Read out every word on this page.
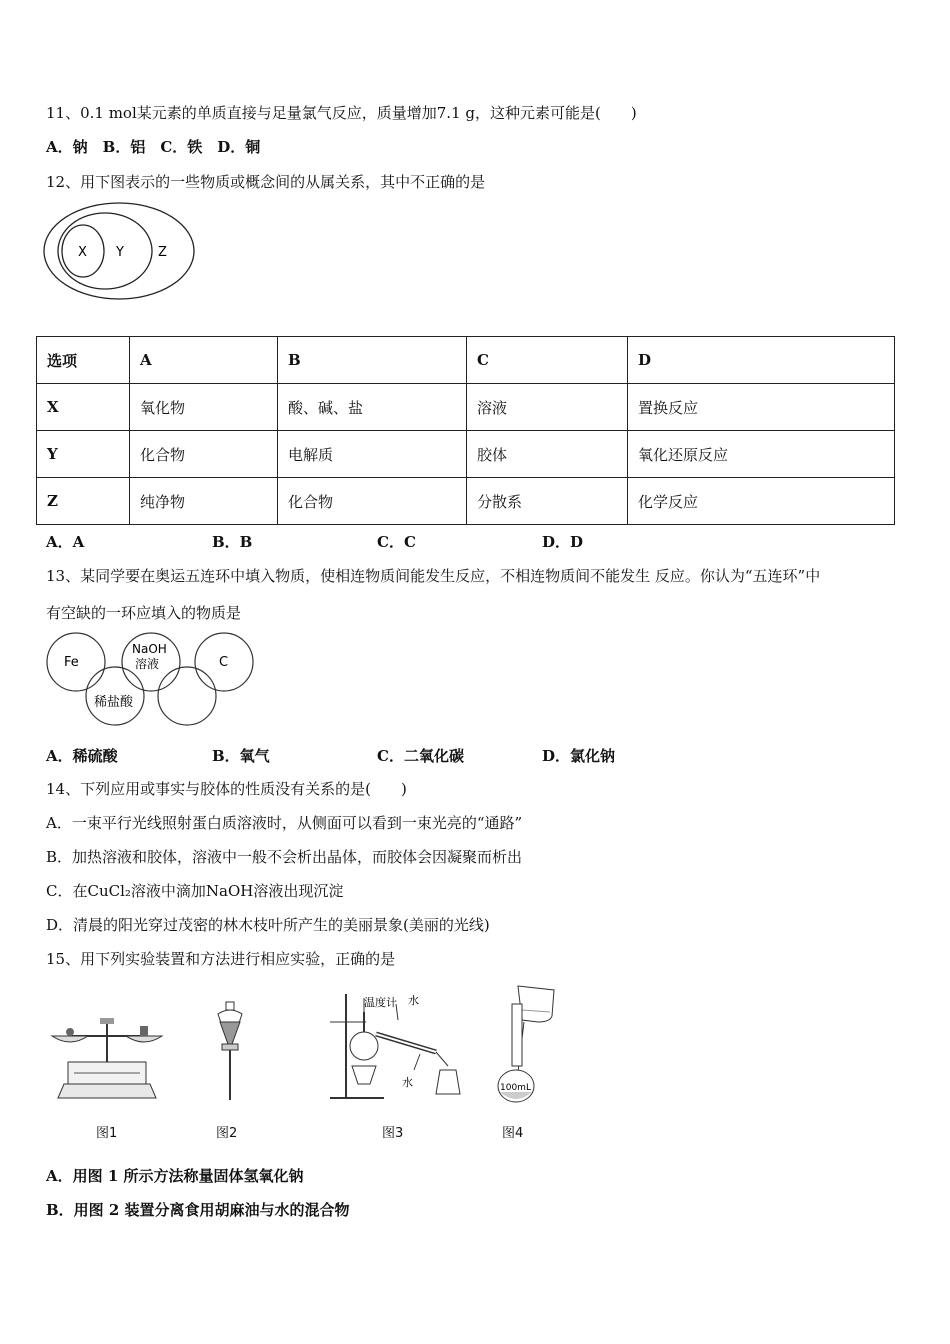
11、0.1 mol某元素的单质直接与足量氯气反应，质量增加7.1 g，这种元素可能是(　　)
A．钠　B．铝　C．铁　D．铜
12、用下图表示的一些物质或概念间的从属关系，其中不正确的是
X Y	Z
选项	A	B	C	D
X	氧化物	酸、碱、盐	溶液	置换反应
Y	化合物	电解质	胶体	氧化还原反应
Z	纯净物	化合物	分散系	化学反应
A．A	B．B	C．C	D．D
13、某同学要在奥运五连环中填入物质，使相连物质间能发生反应，不相连物质间不能发生 反应。你认为“五连环”中
有空缺的一环应填入的物质是
Fe
NaOH
溶液	C
稀盐酸
A．稀硫酸	B．氧气	C．二氧化碳	D．氯化钠
14、下列应用或事实与胶体的性质没有关系的是(　　)
A．一束平行光线照射蛋白质溶液时，从侧面可以看到一束光亮的“通路”
B．加热溶液和胶体，溶液中一般不会析出晶体，而胶体会因凝聚而析出
C．在CuCl₂溶液中滴加NaOH溶液出现沉淀
D．清晨的阳光穿过茂密的林木枝叶所产生的美丽景象(美丽的光线)
15、用下列实验装置和方法进行相应实验，正确的是
图1	图2
温度计 水
水
图3
100mL
图4
A．用图 1 所示方法称量固体氢氧化钠
B．用图 2 装置分离食用胡麻油与水的混合物
